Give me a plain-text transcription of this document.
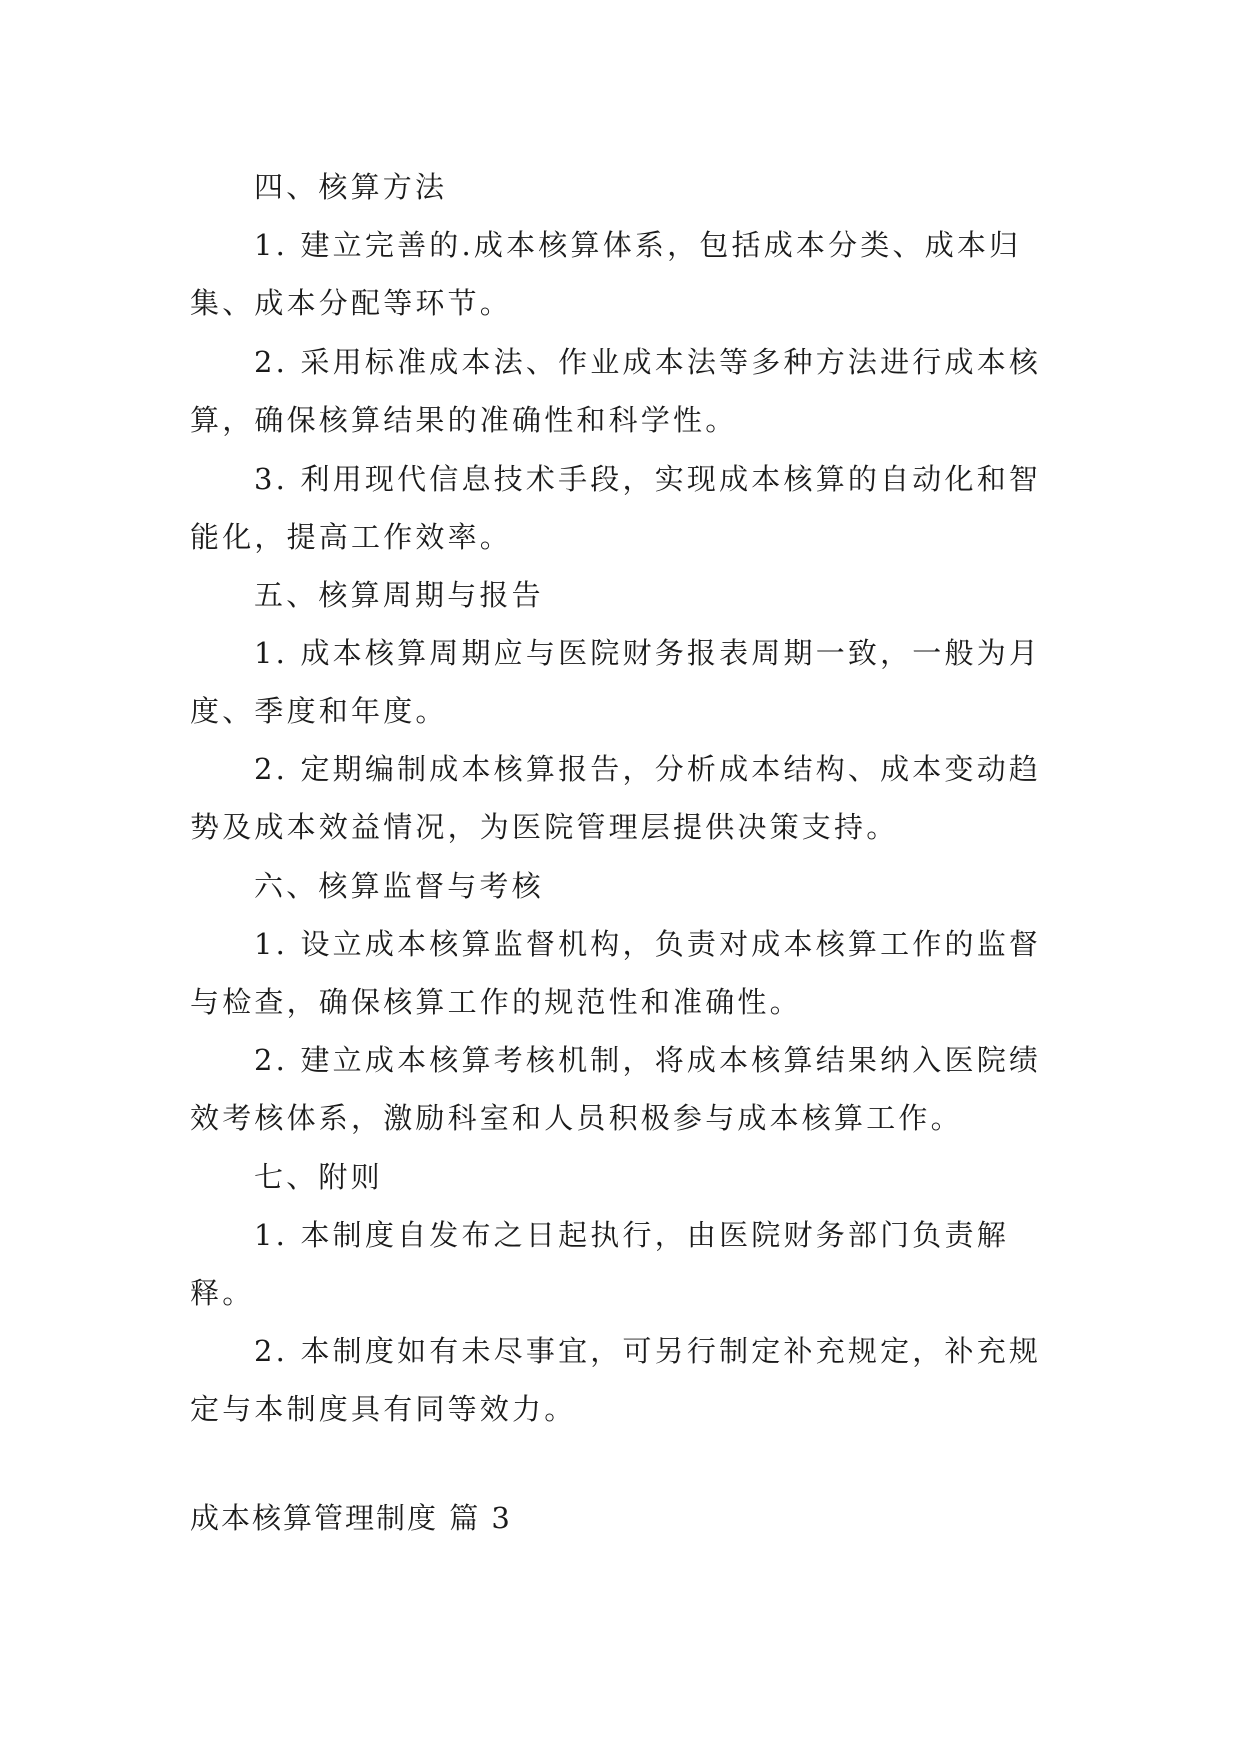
四、核算方法

1. 建立完善的.成本核算体系，包括成本分类、成本归集、成本分配等环节。

2. 采用标准成本法、作业成本法等多种方法进行成本核算，确保核算结果的准确性和科学性。

3. 利用现代信息技术手段，实现成本核算的自动化和智能化，提高工作效率。

五、核算周期与报告

1. 成本核算周期应与医院财务报表周期一致，一般为月度、季度和年度。

2. 定期编制成本核算报告，分析成本结构、成本变动趋势及成本效益情况，为医院管理层提供决策支持。

六、核算监督与考核

1. 设立成本核算监督机构，负责对成本核算工作的监督与检查，确保核算工作的规范性和准确性。

2. 建立成本核算考核机制，将成本核算结果纳入医院绩效考核体系，激励科室和人员积极参与成本核算工作。

七、附则

1. 本制度自发布之日起执行，由医院财务部门负责解释。

2. 本制度如有未尽事宜，可另行制定补充规定，补充规定与本制度具有同等效力。

成本核算管理制度 篇 3
